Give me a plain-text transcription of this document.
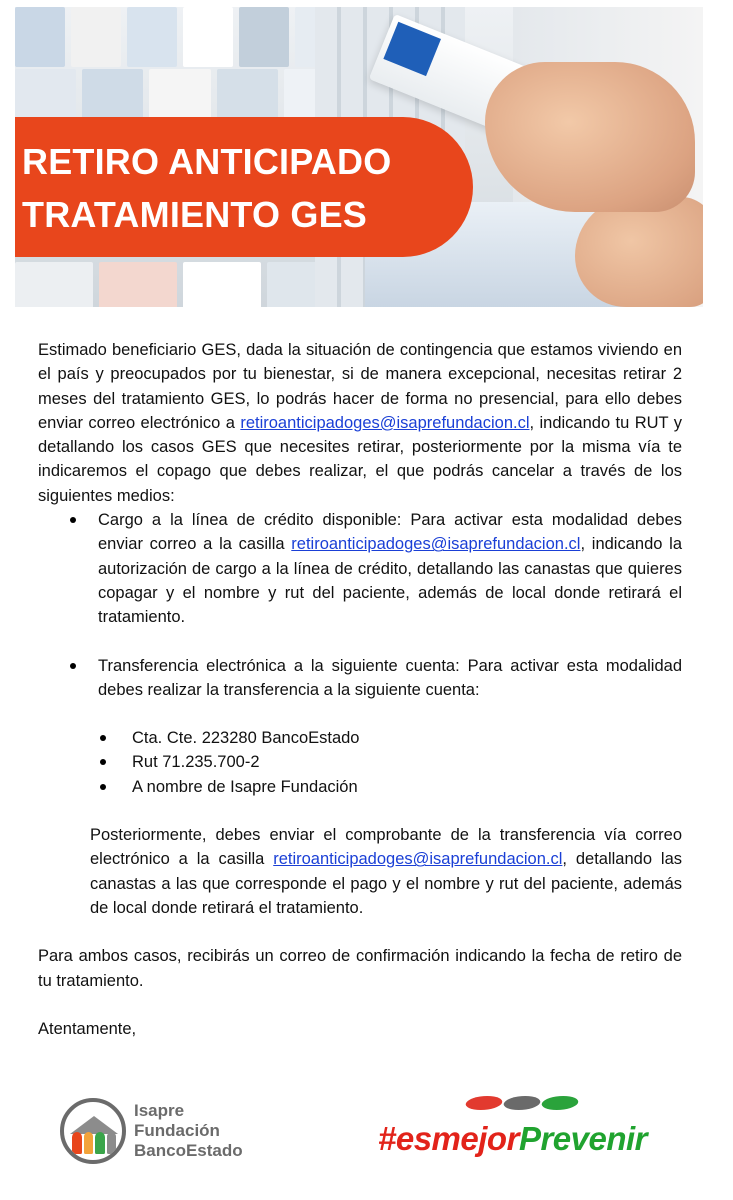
RETIRO ANTICIPADO
TRATAMIENTO GES

Estimado beneficiario GES, dada la situación de contingencia que estamos viviendo en el país y preocupados por tu bienestar, si de manera excepcional, necesitas retirar 2 meses del tratamiento GES, lo podrás hacer de forma no presencial, para ello debes enviar correo electrónico a retiroanticipadoges@isaprefundacion.cl, indicando tu RUT y detallando los casos GES que necesites retirar, posteriormente por la misma vía te indicaremos el copago que debes realizar, el que podrás cancelar a través de los siguientes medios:

Cargo a la línea de crédito disponible: Para activar esta modalidad debes enviar correo a la casilla retiroanticipadoges@isaprefundacion.cl, indicando la autorización de cargo a la línea de crédito, detallando las canastas que quieres copagar y el nombre y rut del paciente, además de local donde retirará el tratamiento.
Transferencia electrónica a la siguiente cuenta: Para activar esta modalidad debes realizar la transferencia a la siguiente cuenta:
Cta. Cte. 223280 BancoEstado
Rut 71.235.700-2
A nombre de Isapre Fundación

Posteriormente, debes enviar el comprobante de la transferencia vía correo electrónico a la casilla retiroanticipadoges@isaprefundacion.cl, detallando las canastas a las que corresponde el pago y el nombre y rut del paciente, además de local donde retirará el tratamiento.

Para ambos casos, recibirás un correo de confirmación indicando la fecha de retiro de tu tratamiento.

Atentamente,

Isapre
Fundación
BancoEstado	#esmejorPrevenir
